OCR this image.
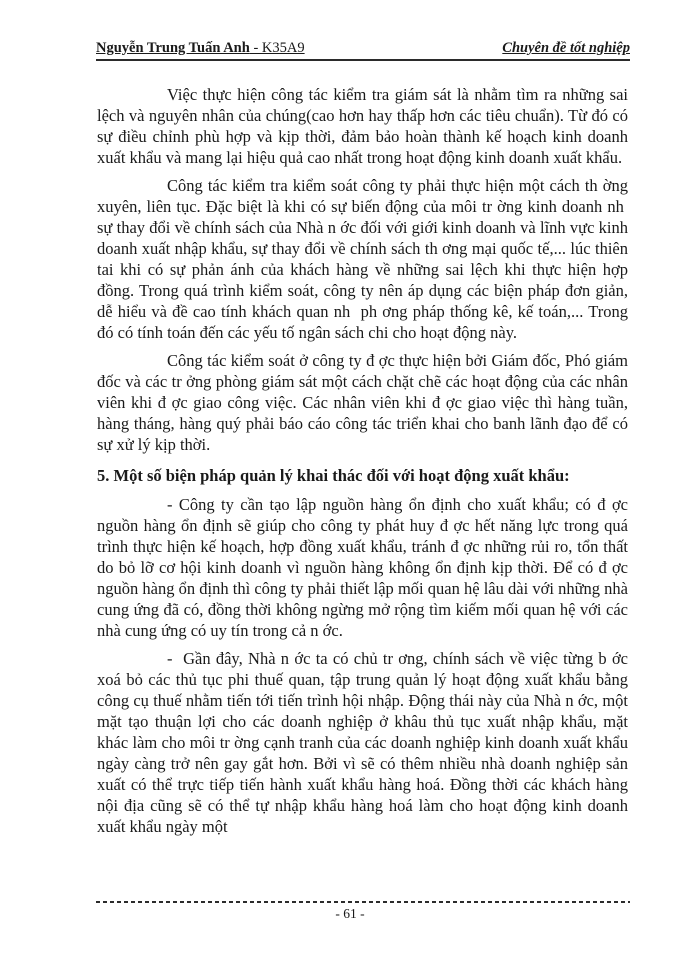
Nguyễn Trung Tuấn Anh - K35A9	Chuyên đề tốt nghiệp

Việc thực hiện công tác kiểm tra giám sát là nhằm tìm ra những sai lệch và nguyên nhân của chúng(cao hơn hay thấp hơn các tiêu chuẩn). Từ đó có sự điều chỉnh phù hợp và kịp thời, đảm bảo hoàn thành kế hoạch kinh doanh xuất khẩu và mang lại hiệu quả cao nhất trong hoạt động kinh doanh xuất khẩu.

Công tác kiểm tra kiểm soát công ty phải thực hiện một cách th ờng xuyên, liên tục. Đặc biệt là khi có sự biến động của môi tr ờng kinh doanh nh  sự thay đổi về chính sách của Nhà n ớc đối với giới kinh doanh và lĩnh vực kinh doanh xuất nhập khẩu, sự thay đổi về chính sách th ơng mại quốc tế,... lúc thiên tai khi có sự phản ánh của khách hàng về những sai lệch khi thực hiện hợp đồng. Trong quá trình kiểm soát, công ty nên áp dụng các biện pháp đơn giản, dễ hiểu và đề cao tính khách quan nh  ph ơng pháp thống kê, kế toán,... Trong đó có tính toán đến các yếu tố ngân sách chi cho hoạt động này.

Công tác kiểm soát ở công ty đ ợc thực hiện bởi Giám đốc, Phó giám đốc và các tr ởng phòng giám sát một cách chặt chẽ các hoạt động của các nhân viên khi đ ợc giao công việc. Các nhân viên khi đ ợc giao việc thì hàng tuần, hàng tháng, hàng quý phải báo cáo công tác triển khai cho banh lãnh đạo để có sự xử lý kịp thời.

5. Một số biện pháp quản lý khai thác đối với hoạt động xuất khẩu:

- Công ty cần tạo lập nguồn hàng ổn định cho xuất khẩu; có đ ợc nguồn hàng ổn định sẽ giúp cho công ty phát huy đ ợc hết năng lực trong quá trình thực hiện kế hoạch, hợp đồng xuất khẩu, tránh đ ợc những rủi ro, tổn thất do bỏ lỡ cơ hội kinh doanh vì nguồn hàng không ổn định kịp thời. Để có đ ợc nguồn hàng ổn định thì công ty phải thiết lập mối quan hệ lâu dài với những nhà cung ứng đã có, đồng thời không ngừng mở rộng tìm kiếm mối quan hệ với các nhà cung ứng có uy tín trong cả n ớc.

-  Gần đây, Nhà n ớc ta có chủ tr ơng, chính sách về việc từng b ớc xoá bỏ các thủ tục phi thuế quan, tập trung quản lý hoạt động xuất khẩu bằng công cụ thuế nhằm tiến tới tiến trình hội nhập. Động thái này của Nhà n ớc, một mặt tạo thuận lợi cho các doanh nghiệp ở khâu thủ tục xuất nhập khẩu, mặt khác làm cho môi tr ờng cạnh tranh của các doanh nghiệp kinh doanh xuất khẩu ngày càng trở nên gay gắt hơn. Bởi vì sẽ có thêm nhiều nhà doanh nghiệp sản xuất có thể trực tiếp tiến hành xuất khẩu hàng hoá. Đồng thời các khách hàng nội địa cũng sẽ có thể tự nhập khẩu hàng hoá làm cho hoạt động kinh doanh xuất khẩu ngày một

- 61 -
